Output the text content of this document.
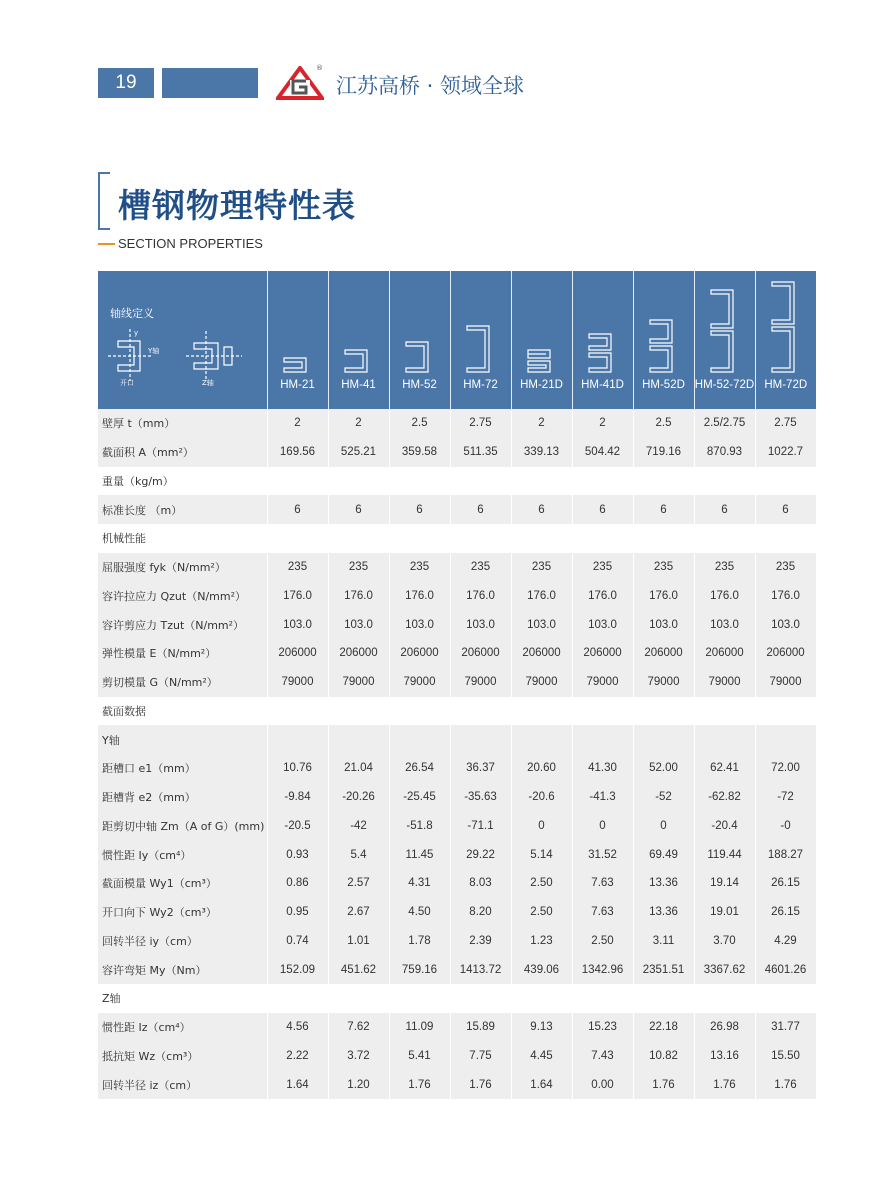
19
®
江苏高桥 · 领域全球
槽钢物理特性表
SECTION PROPERTIES
轴线定义
y
Y轴
开口 Z轴	HM-21	HM-41	HM-52	HM-72	HM-21D	HM-41D	HM-52D	HM-52-72D	HM-72D
壁厚 t（mm）	2	2	2.5	2.75	2	2	2.5	2.5/2.75	2.75
截面积 A（mm²）	169.56	525.21	359.58	511.35	339.13	504.42	719.16	870.93	1022.7
重量（kg/m）									
标准长度 （m）	6	6	6	6	6	6	6	6	6
机械性能									
屈服强度 fyk（N/mm²）	235	235	235	235	235	235	235	235	235
容许拉应力 Qzut（N/mm²）	176.0	176.0	176.0	176.0	176.0	176.0	176.0	176.0	176.0
容许剪应力 Tzut（N/mm²）	103.0	103.0	103.0	103.0	103.0	103.0	103.0	103.0	103.0
弹性模量 E（N/mm²）	206000	206000	206000	206000	206000	206000	206000	206000	206000
剪切模量 G（N/mm²）	79000	79000	79000	79000	79000	79000	79000	79000	79000
截面数据									
Y轴									
距槽口 e1（mm）	10.76	21.04	26.54	36.37	20.60	41.30	52.00	62.41	72.00
距槽背 e2（mm）	-9.84	-20.26	-25.45	-35.63	-20.6	-41.3	-52	-62.82	-72
距剪切中轴 Zm（A of G）(mm)	-20.5	-42	-51.8	-71.1	0	0	0	-20.4	-0
惯性距 Iy（cm⁴）	0.93	5.4	11.45	29.22	5.14	31.52	69.49	119.44	188.27
截面模量 Wy1（cm³）	0.86	2.57	4.31	8.03	2.50	7.63	13.36	19.14	26.15
开口向下 Wy2（cm³）	0.95	2.67	4.50	8.20	2.50	7.63	13.36	19.01	26.15
回转半径 iy（cm）	0.74	1.01	1.78	2.39	1.23	2.50	3.11	3.70	4.29
容许弯矩 My（Nm）	152.09	451.62	759.16	1413.72	439.06	1342.96	2351.51	3367.62	4601.26
Z轴									
惯性距 Iz（cm⁴）	4.56	7.62	11.09	15.89	9.13	15.23	22.18	26.98	31.77
抵抗矩 Wz（cm³）	2.22	3.72	5.41	7.75	4.45	7.43	10.82	13.16	15.50
回转半径 iz（cm）	1.64	1.20	1.76	1.76	1.64	0.00	1.76	1.76	1.76
